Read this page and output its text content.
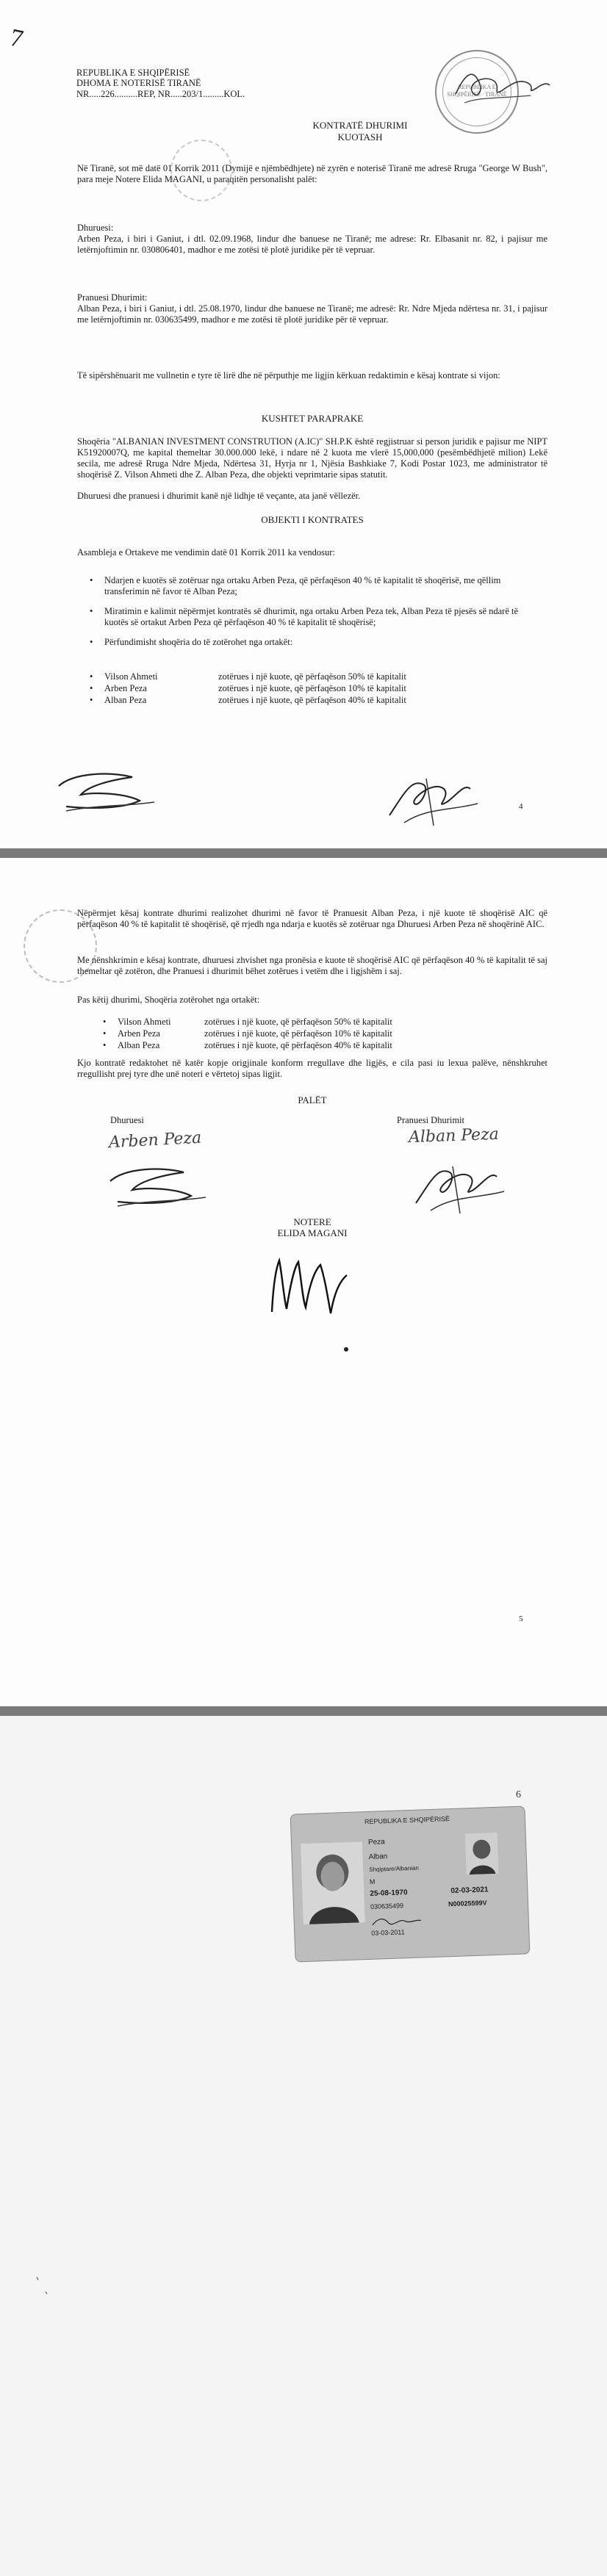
7
REPUBLIKA E SHQIPËRISË
DHOMA E NOTERISË TIRANË
NR.....226..........REP, NR.....203/1.........KOL.
REPUBLIKA E SHQIPËRISË · TIRANË
KONTRATË DHURIMI
KUOTASH
Në Tiranë, sot më datë 01 Korrik 2011 (Dymijë e njëmbëdhjete) në zyrën e noterisë Tiranë me adresë Rruga "George W Bush", para meje Notere Elida MAGANI, u paraqitën personalisht palët:
Dhuruesi:
Arben Peza, i biri i Ganiut, i dtl. 02.09.1968, lindur dhe banuese ne Tiranë; me adrese: Rr. Elbasanit nr. 82, i pajisur me letërnjoftimin nr. 030806401, madhor e me zotësi të plotë juridike për të vepruar.
Pranuesi Dhurimit:
Alban Peza, i biri i Ganiut, i dtl. 25.08.1970, lindur dhe banuese ne Tiranë; me adresë: Rr. Ndre Mjeda ndërtesa nr. 31, i pajisur me letërnjoftimin nr. 030635499, madhor e me zotësi të plotë juridike për të vepruar.
Të sipërshënuarit me vullnetin e tyre të lirë dhe në përputhje me ligjin kërkuan redaktimin e kësaj kontrate si vijon:
KUSHTET PARAPRAKE
Shoqëria "ALBANIAN INVESTMENT CONSTRUTION (A.IC)" SH.P.K është regjistruar si person juridik e pajisur me NIPT K51920007Q, me kapital themeltar 30.000.000 lekë, i ndare në 2 kuota me vlerë 15,000,000 (pesëmbëdhjetë milion) Lekë secila, me adresë Rruga Ndre Mjeda, Ndërtesa 31, Hyrja nr 1, Njësia Bashkiake 7, Kodi Postar 1023, me administrator të shoqërisë Z. Vilson Ahmeti dhe Z. Alban Peza, dhe objekti veprimtarie sipas statutit.
Dhuruesi dhe pranuesi i dhurimit kanë një lidhje të veçante, ata janë vëllezër.
OBJEKTI I KONTRATES
Asambleja e Ortakeve me vendimin datë 01 Korrik 2011 ka vendosur:
• Ndarjen e kuotës së zotëruar nga ortaku Arben Peza, që përfaqëson 40 % të kapitalit të shoqërisë, me qëllim transferimin në favor të Alban Peza;
• Miratimin e kalimit nëpërmjet kontratës së dhurimit, nga ortaku Arben Peza tek, Alban Peza të pjesës së ndarë të kuotës së ortakut Arben Peza që përfaqëson 40 % të kapitalit të shoqërisë;
• Përfundimisht shoqëria do të zotërohet nga ortakët:
• Vilson Ahmeti	zotërues i një kuote, që përfaqëson 50% të kapitalit
• Arben Peza	zotërues i një kuote, që përfaqëson 10% të kapitalit
• Alban Peza	zotërues i një kuote, që përfaqëson 40% të kapitalit
4
Nëpërmjet kësaj kontrate dhurimi realizohet dhurimi në favor të Pranuesit Alban Peza, i një kuote të shoqërisë AIC që përfaqëson 40 % të kapitalit të shoqërisë, që rrjedh nga ndarja e kuotës së zotëruar nga Dhuruesi Arben Peza në shoqërinë AIC.
Me nënshkrimin e kësaj kontrate, dhuruesi zhvishet nga pronësia e kuote të shoqërisë AIC që përfaqëson 40 % të kapitalit të saj themeltar që zotëron, dhe Pranuesi i dhurimit bëhet zotërues i vetëm dhe i ligjshëm i saj.
Pas këtij dhurimi, Shoqëria zotërohet nga ortakët:
• Vilson Ahmeti	zotërues i një kuote, që përfaqëson 50% të kapitalit
• Arben Peza	zotërues i një kuote, që përfaqëson 10% të kapitalit
• Alban Peza	zotërues i një kuote, që përfaqëson 40% të kapitalit
Kjo kontratë redaktohet në katër kopje origjinale konform rregullave dhe ligjës, e cila pasi iu lexua palëve, nënshkruhet rregullisht prej tyre dhe unë noteri e vërtetoj sipas ligjit.
PALËT
Dhuruesi	Pranuesi Dhurimit
Arben Peza	Alban Peza
NOTERE
ELIDA MAGANI
5
6
REPUBLIKA E SHQIPËRISË
Peza
Alban
Shqiptare/Albanian
M
25-08-1970
030635499
02-03-2021
N00025599V
03-03-2011
